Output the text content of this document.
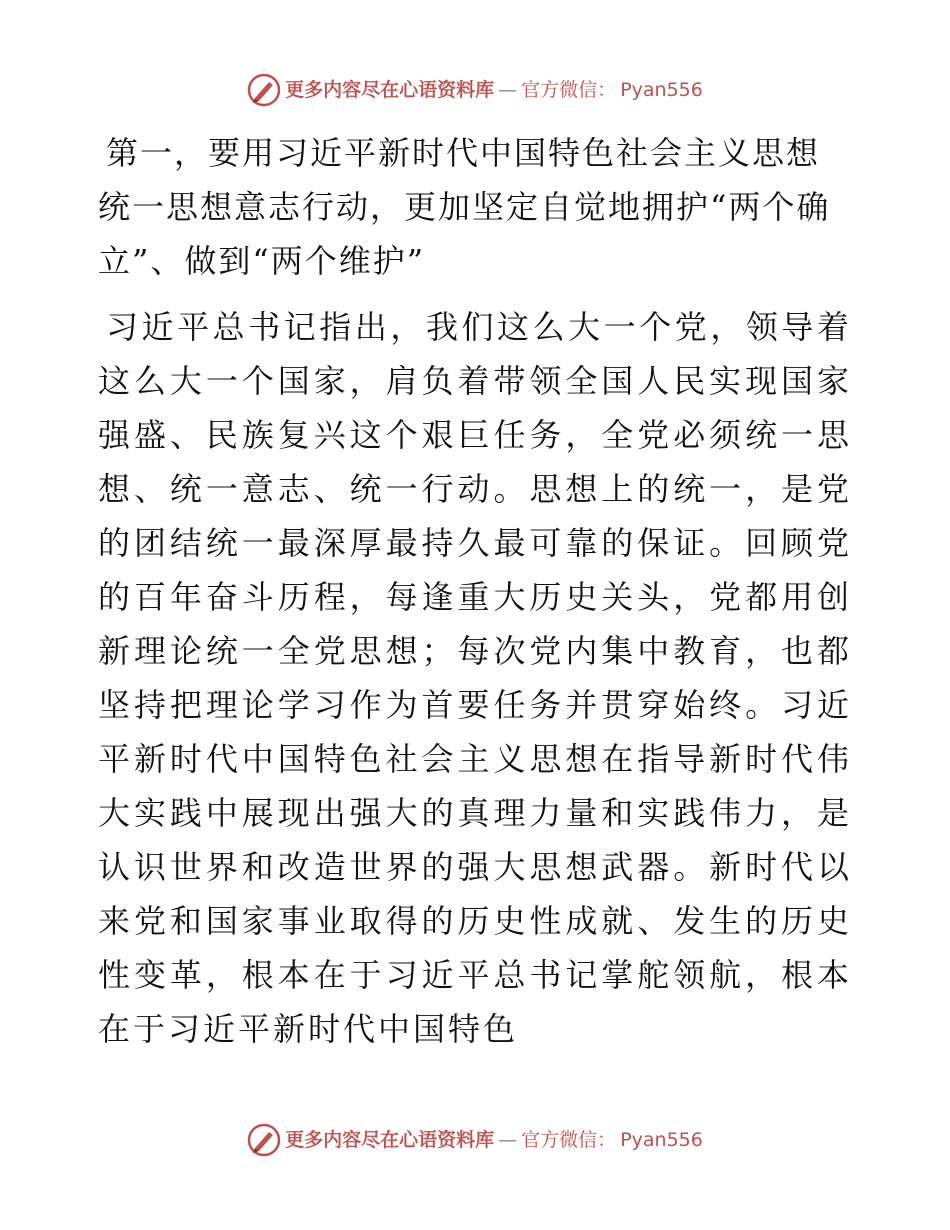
更多内容尽在心语资料库 — 官方微信： Pyan556
第一，要用习近平新时代中国特色社会主义思想统一思想意志行动，更加坚定自觉地拥护“两个确立”、做到“两个维护”

习近平总书记指出，我们这么大一个党，领导着这么大一个国家，肩负着带领全国人民实现国家强盛、民族复兴这个艰巨任务，全党必须统一思想、统一意志、统一行动。思想上的统一，是党的团结统一最深厚最持久最可靠的保证。回顾党的百年奋斗历程，每逢重大历史关头，党都用创新理论统一全党思想；每次党内集中教育，也都坚持把理论学习作为首要任务并贯穿始终。习近平新时代中国特色社会主义思想在指导新时代伟大实践中展现出强大的真理力量和实践伟力，是认识世界和改造世界的强大思想武器。新时代以来党和国家事业取得的历史性成就、发生的历史性变革，根本在于习近平总书记掌舵领航，根本在于习近平新时代中国特色

更多内容尽在心语资料库 — 官方微信： Pyan556
